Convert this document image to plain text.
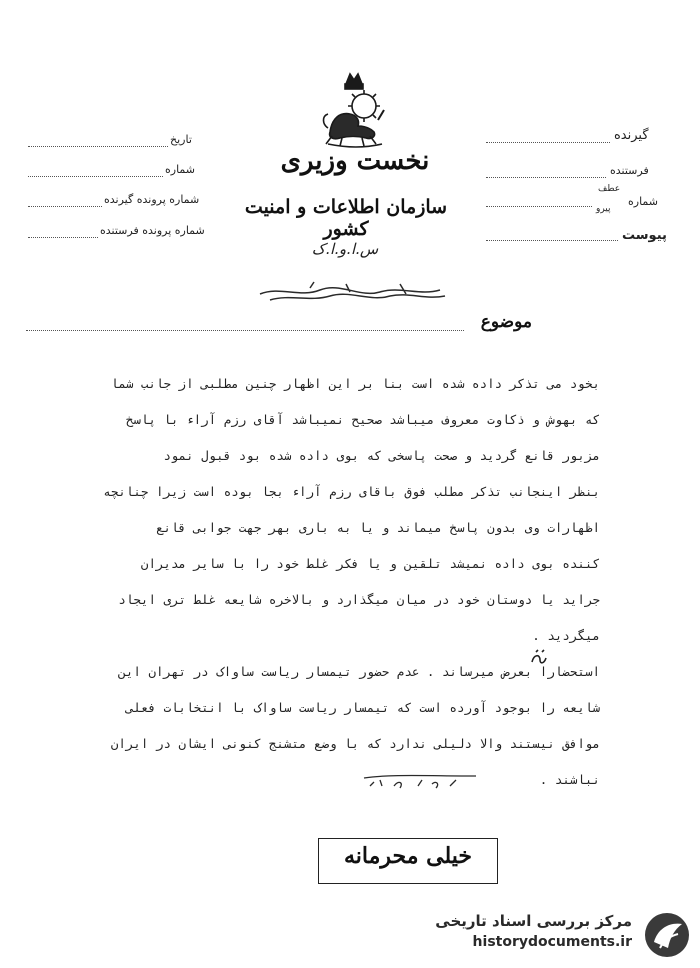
تاریخ
شماره
شماره پرونده گیرنده
شماره پرونده فرستنده
گیرنده
فرستنده
شماره
عطف
پیرو
پیوست
نخست وزیری
سازمان اطلاعات و امنیت کشور
س.ا.و.ا.ک
موضوع
بخود می تذکر داده شده است بنا بر این اظهار چنین مطلبی از جانب شما
که بهوش و ذکاوت معروف میباشد صحیح نمیباشد آقای رزم آراء با پاسخ
مزبور قانع گردید و صحت پاسخی که بوی داده شده بود قبول نمود
بنظر اینجانب تذکر مطلب فوق باقای رزم آراء بجا بوده است زیرا چنانچه
اظهارات وی بدون پاسخ میماند و یا به باری بهر جهت جوابی قانع
کننده بوی داده نمیشد تلقین و یا فکر غلط خود را با سایر مدیران
جراید یا دوستان خود در میان میگذارد و بالاخره شایعه غلط تری ایجاد
میگردید .
استحضارا بعرض میرساند . عدم حضور تیمسار ریاست ساواک در تهران این
شایعه را بوجود آورده است که تیمسار ریاست ساواک با انتخابات فعلی
موافق نیستند والا دلیلی ندارد که با وضع متشنج کنونی ایشان در ایران
نباشند .
خیلی محرمانه
مرکز بررسی اسناد تاریخی
historydocuments.ir
